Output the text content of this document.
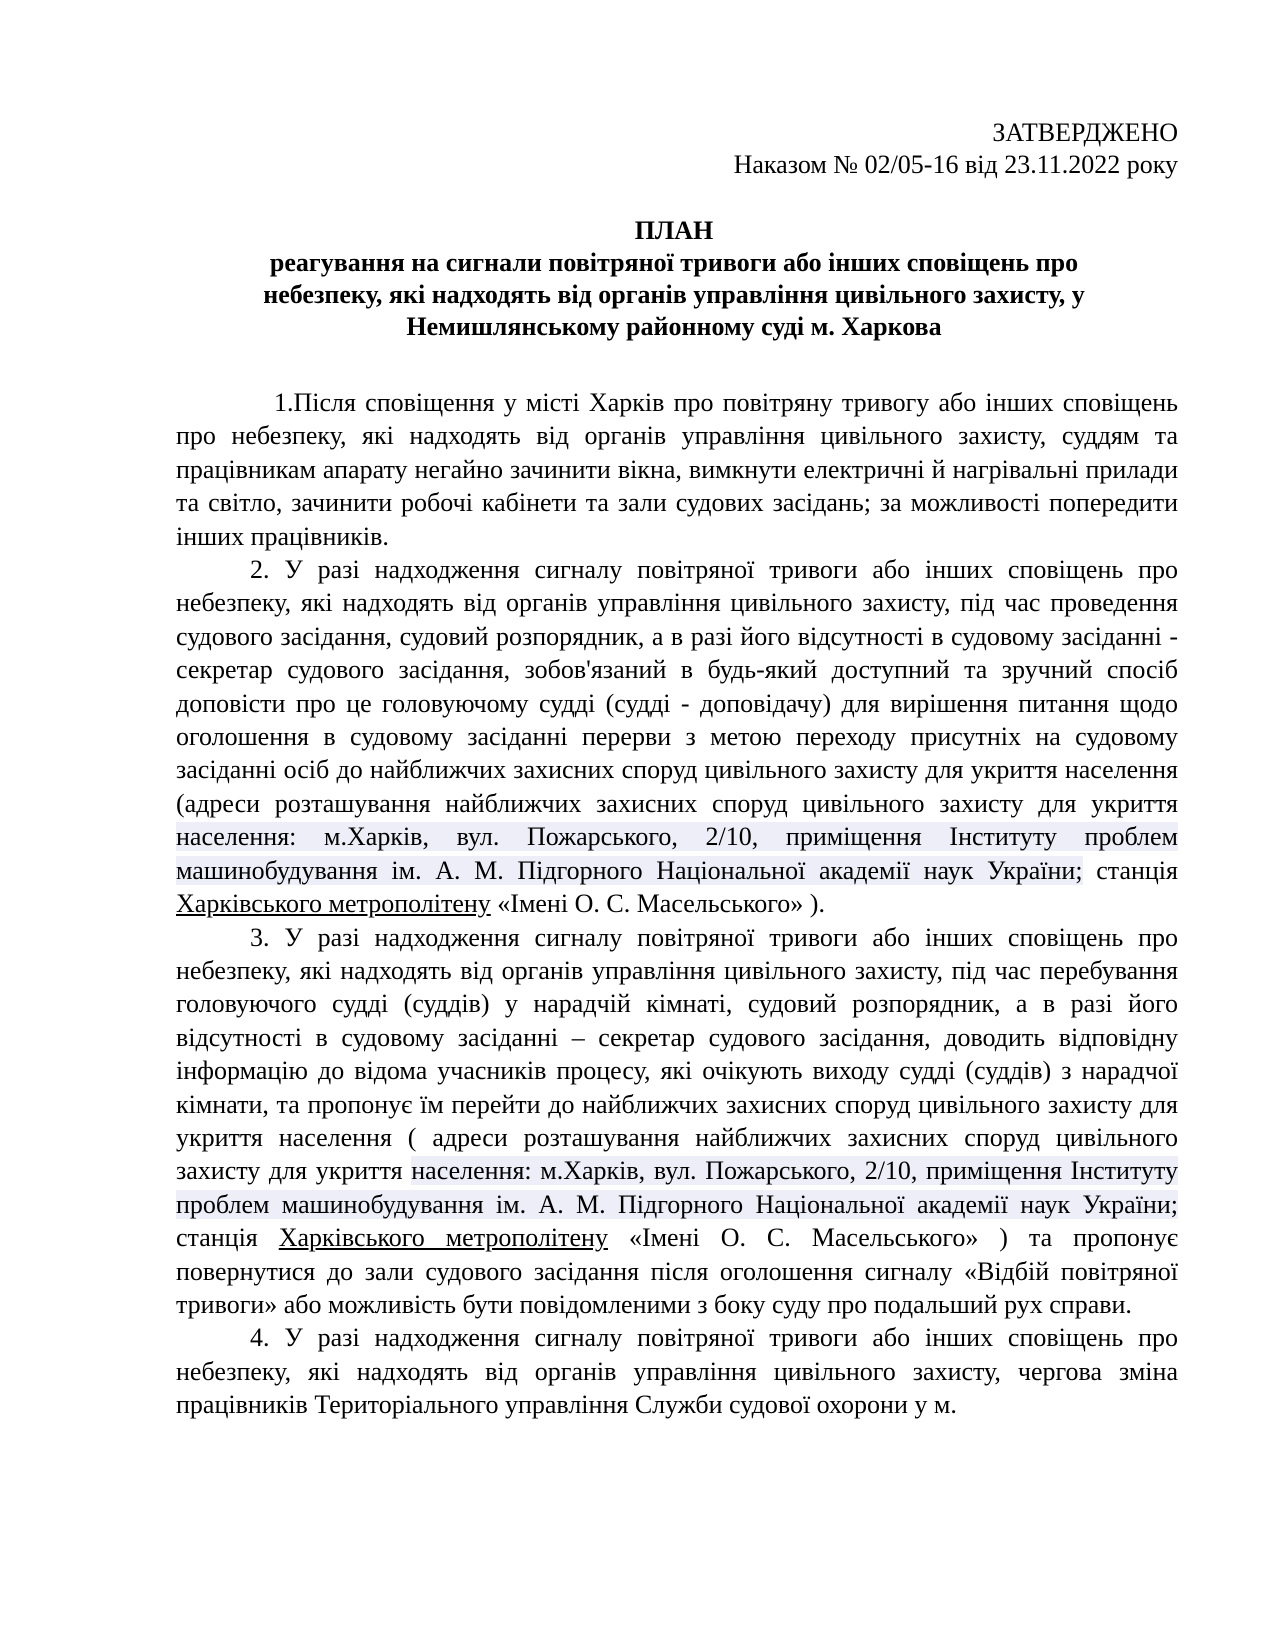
ЗАТВЕРДЖЕНО
Наказом № 02/05-16 від 23.11.2022 року
ПЛАН
реагування на сигнали повітряної тривоги або інших сповіщень про
небезпеку, які надходять від органів управління цивільного захисту, у
Немишлянському районному суді м. Харкова

1.Після сповіщення у місті Харків про повітряну тривогу або інших сповіщень про небезпеку, які надходять від органів управління цивільного захисту, суддям та працівникам апарату негайно зачинити вікна, вимкнути електричні й нагрівальні прилади та світло, зачинити робочі кабінети та зали судових засідань; за можливості попередити інших працівників.

2. У разі надходження сигналу повітряної тривоги або інших сповіщень про небезпеку, які надходять від органів управління цивільного захисту, під час проведення судового засідання, судовий розпорядник, а в разі його відсутності в судовому засіданні - секретар судового засідання, зобов'язаний в будь-який доступний та зручний спосіб доповісти про це головуючому судді (судді - доповідачу) для вирішення питання щодо оголошення в судовому засіданні перерви з метою переходу присутніх на судовому засіданні осіб до найближчих захисних споруд цивільного захисту для укриття населення (адреси розташування найближчих захисних споруд цивільного захисту для укриття населення: м.Харків, вул. Пожарського, 2/10, приміщення Інституту проблем машинобудування ім. А. М. Підгорного Національної академії наук України; станція Харківського метрополітену «Імені О. С. Масельського» ).

3. У разі надходження сигналу повітряної тривоги або інших сповіщень про небезпеку, які надходять від органів управління цивільного захисту, під час перебування головуючого судді (суддів) у нарадчій кімнаті, судовий розпорядник, а в разі його відсутності в судовому засіданні – секретар судового засідання, доводить відповідну інформацію до відома учасників процесу, які очікують виходу судді (суддів) з нарадчої кімнати, та пропонує їм перейти до найближчих захисних споруд цивільного захисту для укриття населення ( адреси розташування найближчих захисних споруд цивільного захисту для укриття населення: м.Харків, вул. Пожарського, 2/10, приміщення Інституту проблем машинобудування ім. А. М. Підгорного Національної академії наук України; станція Харківського метрополітену «Імені О. С. Масельського» ) та пропонує повернутися до зали судового засідання після оголошення сигналу «Відбій повітряної тривоги» або можливість бути повідомленими з боку суду про подальший рух справи.

4. У разі надходження сигналу повітряної тривоги або інших сповіщень про небезпеку, які надходять від органів управління цивільного захисту, чергова зміна працівників Територіального управління Служби судової охорони у м.
